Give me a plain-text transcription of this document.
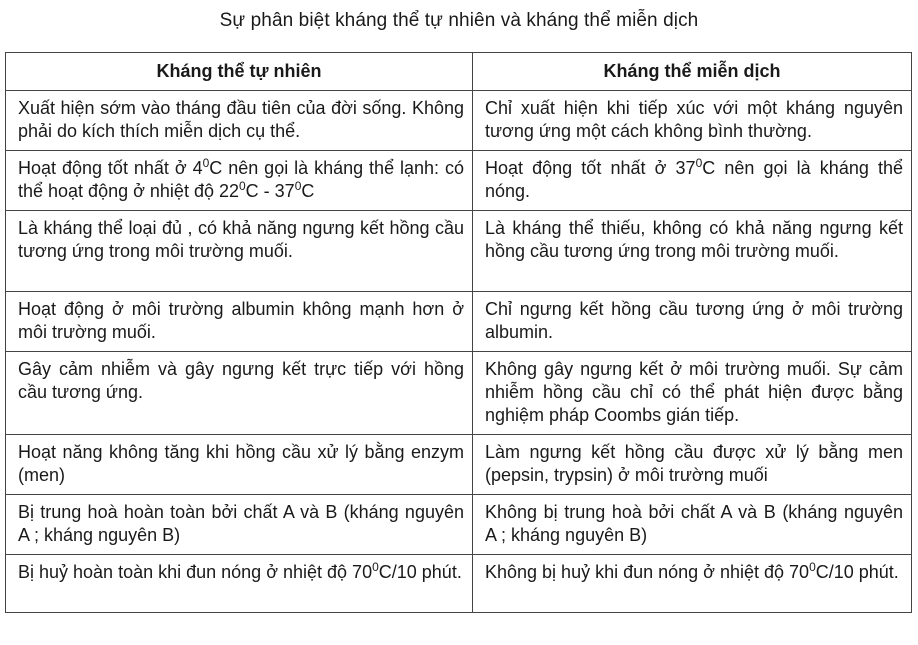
Sự phân biệt kháng thể tự nhiên và kháng thể miễn dịch
Kháng thể tự nhiên	Kháng thể miễn dịch
Xuất hiện sớm vào tháng đầu tiên của đời sống. Không phải do kích thích miễn dịch cụ thể.	Chỉ xuất hiện khi tiếp xúc với một kháng nguyên tương ứng một cách không bình thường.
Hoạt động tốt nhất ở $4^0C$ nên gọi là kháng thể lạnh: có thể hoạt động ở nhiệt độ $22^0C - 37^0C$	Hoạt động tốt nhất ở $37^0C$ nên gọi là kháng thể nóng.
Là kháng thể loại đủ , có khả năng ngưng kết hồng cầu tương ứng trong môi trường muối.	Là kháng thể thiếu, không có khả năng ngưng kết hồng cầu tương ứng trong môi trường muối.
Hoạt động ở môi trường albumin không mạnh hơn ở môi trường muối.	Chỉ ngưng kết hồng cầu tương ứng ở môi trường albumin.
Gây cảm nhiễm và gây ngưng kết trực tiếp với hồng cầu tương ứng.	Không gây ngưng kết ở môi trường muối. Sự cảm nhiễm hồng cầu chỉ có thể phát hiện được bằng nghiệm pháp Coombs gián tiếp.
Hoạt năng không tăng khi hồng cầu xử lý bằng enzym (men)	Làm ngưng kết hồng cầu được xử lý bằng men (pepsin, trypsin) ở môi trường muối
Bị trung hoà hoàn toàn bởi chất A và B (kháng nguyên A ; kháng nguyên B)	Không bị trung hoà bởi chất A và B (kháng nguyên A ; kháng nguyên B)
Bị huỷ hoàn toàn khi đun nóng ở nhiệt độ $70^0C/10$ phút.	Không bị huỷ khi đun nóng ở nhiệt độ $70^0C/10$ phút.
